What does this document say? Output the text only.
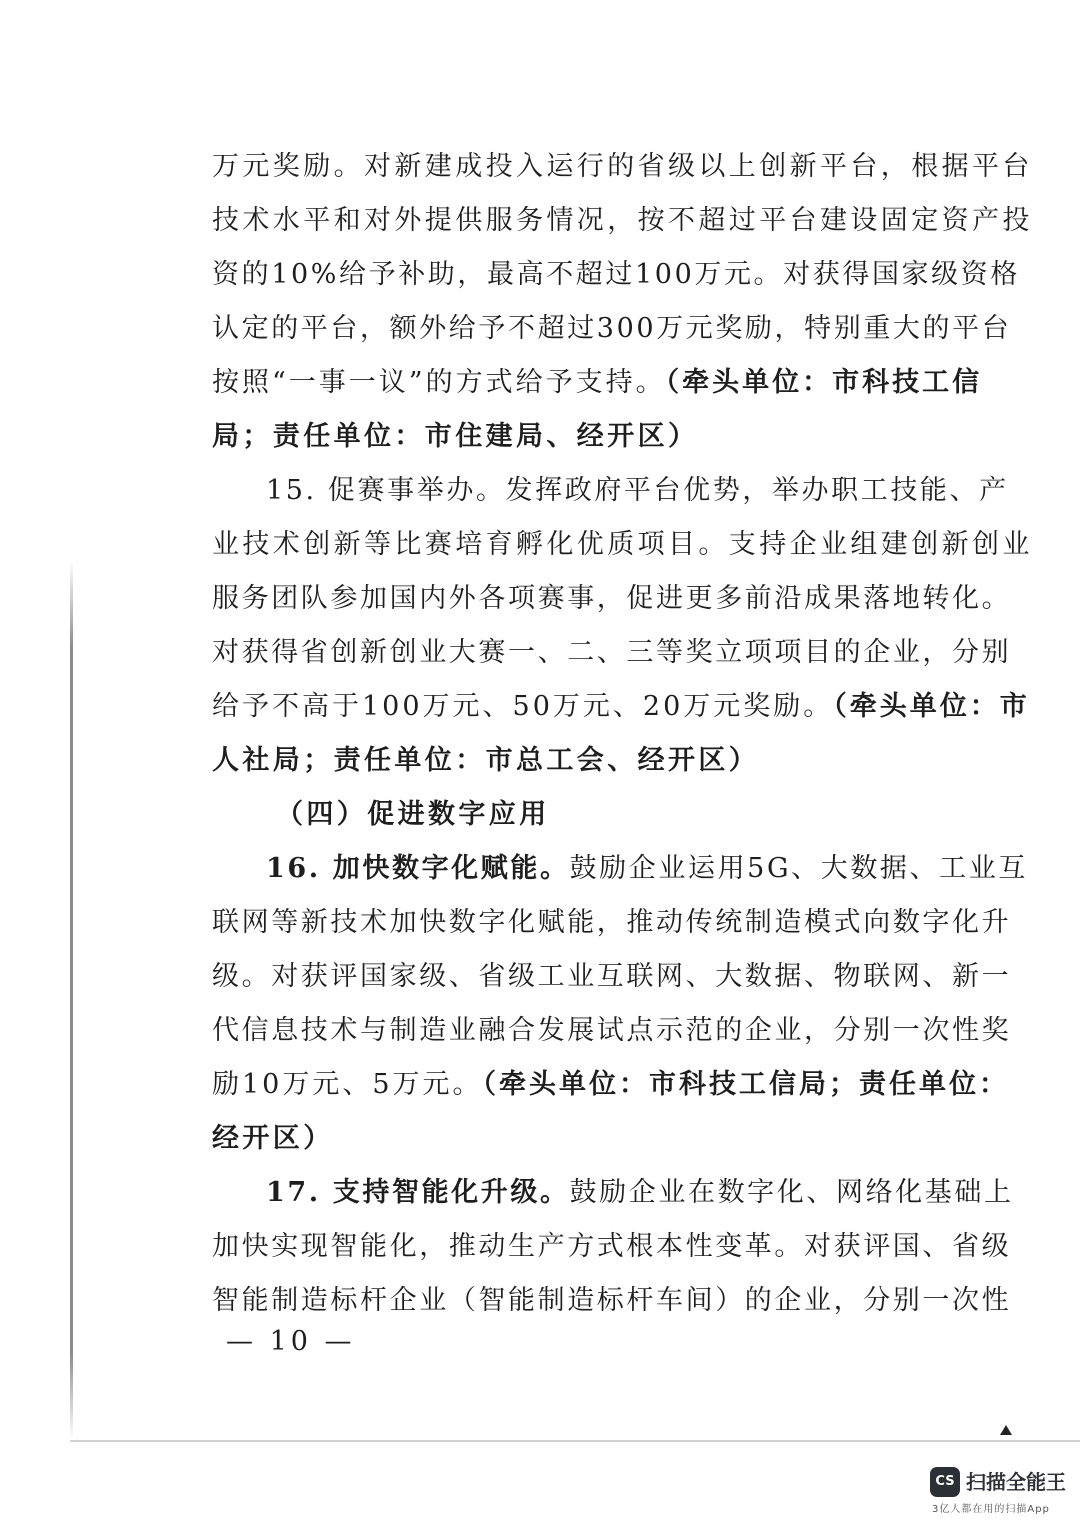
万元奖励。对新建成投入运行的省级以上创新平台，根据平台
技术水平和对外提供服务情况，按不超过平台建设固定资产投
资的10%给予补助，最高不超过100万元。对获得国家级资格
认定的平台，额外给予不超过300万元奖励，特别重大的平台
按照“一事一议”的方式给予支持。（牵头单位：市科技工信
局；责任单位：市住建局、经开区）
15. 促赛事举办。发挥政府平台优势，举办职工技能、产
业技术创新等比赛培育孵化优质项目。支持企业组建创新创业
服务团队参加国内外各项赛事，促进更多前沿成果落地转化。
对获得省创新创业大赛一、二、三等奖立项项目的企业，分别
给予不高于100万元、50万元、20万元奖励。（牵头单位：市
人社局；责任单位：市总工会、经开区）
（四）促进数字应用
16. 加快数字化赋能。鼓励企业运用5G、大数据、工业互
联网等新技术加快数字化赋能，推动传统制造模式向数字化升
级。对获评国家级、省级工业互联网、大数据、物联网、新一
代信息技术与制造业融合发展试点示范的企业，分别一次性奖
励10万元、5万元。（牵头单位：市科技工信局；责任单位：
经开区）
17. 支持智能化升级。鼓励企业在数字化、网络化基础上
加快实现智能化，推动生产方式根本性变革。对获评国、省级
智能制造标杆企业（智能制造标杆车间）的企业，分别一次性
— 10 —
CS 扫描全能王
3亿人都在用的扫描App
